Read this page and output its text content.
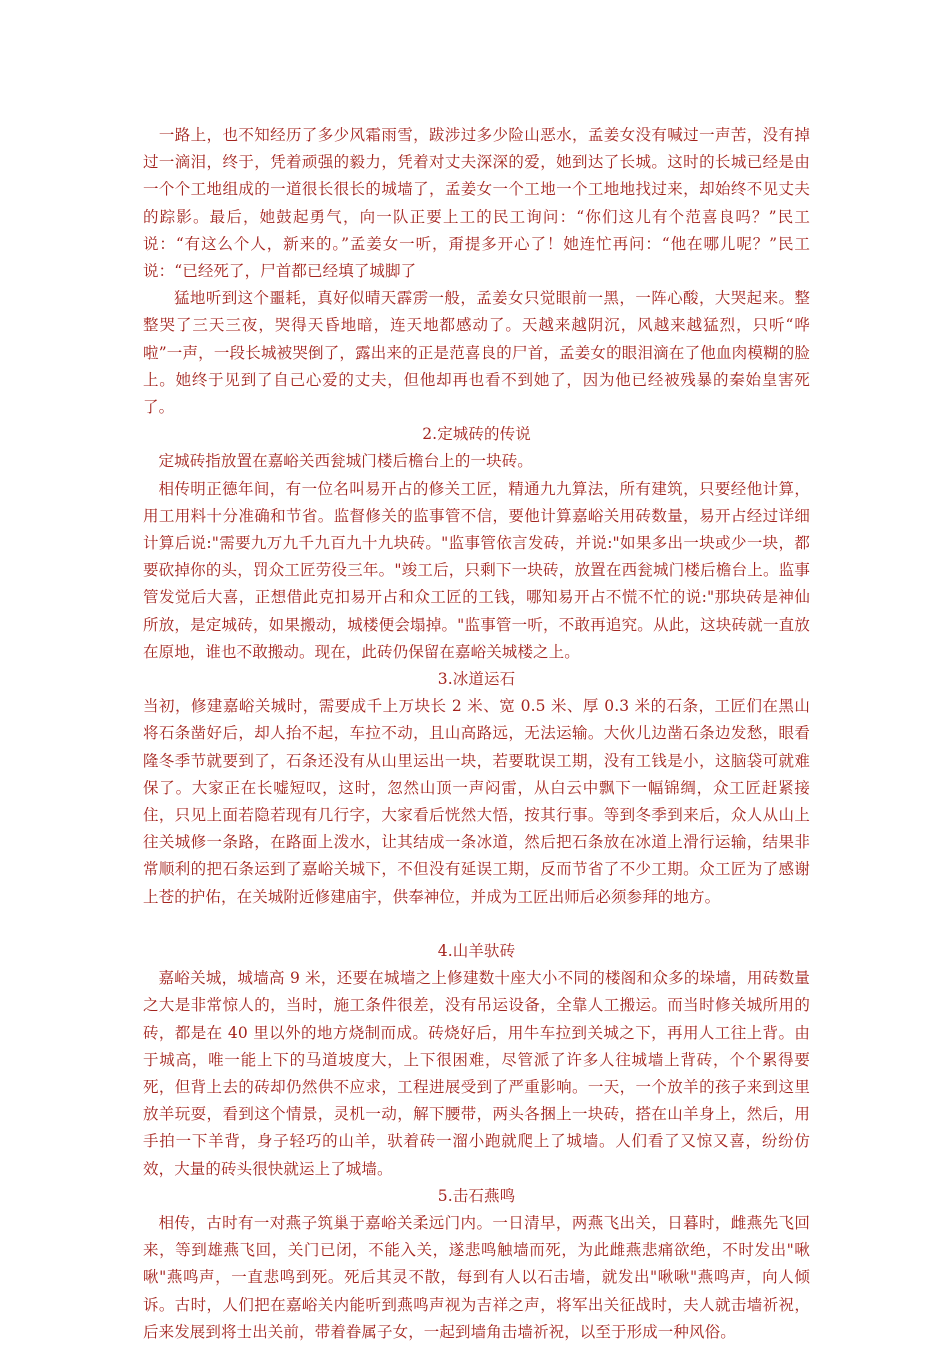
　一路上，也不知经历了多少风霜雨雪，跋涉过多少险山恶水，孟姜女没有喊过一声苦，没有掉过一滴泪，终于，凭着顽强的毅力，凭着对丈夫深深的爱，她到达了长城。这时的长城已经是由一个个工地组成的一道很长很长的城墙了，孟姜女一个工地一个工地地找过来，却始终不见丈夫的踪影。最后，她鼓起勇气，向一队正要上工的民工询问：“你们这儿有个范喜良吗？”民工说：“有这么个人，新来的。”孟姜女一听，甭提多开心了！她连忙再问：“他在哪儿呢？”民工说：“已经死了，尸首都已经填了城脚了

猛地听到这个噩耗，真好似晴天霹雳一般，孟姜女只觉眼前一黑，一阵心酸，大哭起来。整整哭了三天三夜，哭得天昏地暗，连天地都感动了。天越来越阴沉，风越来越猛烈，只听“哗啦”一声，一段长城被哭倒了，露出来的正是范喜良的尸首，孟姜女的眼泪滴在了他血肉模糊的脸上。她终于见到了自己心爱的丈夫，但他却再也看不到她了，因为他已经被残暴的秦始皇害死了。

2.定城砖的传说

定城砖指放置在嘉峪关西瓮城门楼后檐台上的一块砖。

相传明正德年间，有一位名叫易开占的修关工匠，精通九九算法，所有建筑，只要经他计算，用工用料十分准确和节省。监督修关的监事管不信，要他计算嘉峪关用砖数量，易开占经过详细计算后说:"需要九万九千九百九十九块砖。"监事管依言发砖，并说:"如果多出一块或少一块，都要砍掉你的头，罚众工匠劳役三年。"竣工后，只剩下一块砖，放置在西瓮城门楼后檐台上。监事管发觉后大喜，正想借此克扣易开占和众工匠的工钱，哪知易开占不慌不忙的说:"那块砖是神仙所放，是定城砖，如果搬动，城楼便会塌掉。"监事管一听，不敢再追究。从此，这块砖就一直放在原地，谁也不敢搬动。现在，此砖仍保留在嘉峪关城楼之上。

3.冰道运石

当初，修建嘉峪关城时，需要成千上万块长 2 米、宽 0.5 米、厚 0.3 米的石条，工匠们在黑山将石条凿好后，却人抬不起，车拉不动，且山高路远，无法运输。大伙儿边凿石条边发愁，眼看隆冬季节就要到了，石条还没有从山里运出一块，若要耽误工期，没有工钱是小，这脑袋可就难保了。大家正在长嘘短叹，这时，忽然山顶一声闷雷，从白云中飘下一幅锦绸，众工匠赶紧接住，只见上面若隐若现有几行字，大家看后恍然大悟，按其行事。等到冬季到来后，众人从山上往关城修一条路，在路面上泼水，让其结成一条冰道，然后把石条放在冰道上滑行运输，结果非常顺利的把石条运到了嘉峪关城下，不但没有延误工期，反而节省了不少工期。众工匠为了感谢上苍的护佑，在关城附近修建庙宇，供奉神位，并成为工匠出师后必须参拜的地方。

4.山羊驮砖

嘉峪关城，城墙高 9 米，还要在城墙之上修建数十座大小不同的楼阁和众多的垛墙，用砖数量之大是非常惊人的，当时，施工条件很差，没有吊运设备，全靠人工搬运。而当时修关城所用的砖，都是在 40 里以外的地方烧制而成。砖烧好后，用牛车拉到关城之下，再用人工往上背。由于城高，唯一能上下的马道坡度大，上下很困难，尽管派了许多人往城墙上背砖，个个累得要死，但背上去的砖却仍然供不应求，工程进展受到了严重影响。一天，一个放羊的孩子来到这里放羊玩耍，看到这个情景，灵机一动，解下腰带，两头各捆上一块砖，搭在山羊身上，然后，用手拍一下羊背，身子轻巧的山羊，驮着砖一溜小跑就爬上了城墙。人们看了又惊又喜，纷纷仿效，大量的砖头很快就运上了城墙。

5.击石燕鸣

相传，古时有一对燕子筑巢于嘉峪关柔远门内。一日清早，两燕飞出关，日暮时，雌燕先飞回来，等到雄燕飞回，关门已闭，不能入关，遂悲鸣触墙而死，为此雌燕悲痛欲绝，不时发出"啾啾"燕鸣声，一直悲鸣到死。死后其灵不散，每到有人以石击墙，就发出"啾啾"燕鸣声，向人倾诉。古时，人们把在嘉峪关内能听到燕鸣声视为吉祥之声，将军出关征战时，夫人就击墙祈祝，后来发展到将士出关前，带着眷属子女，一起到墙角击墙祈祝，以至于形成一种风俗。
